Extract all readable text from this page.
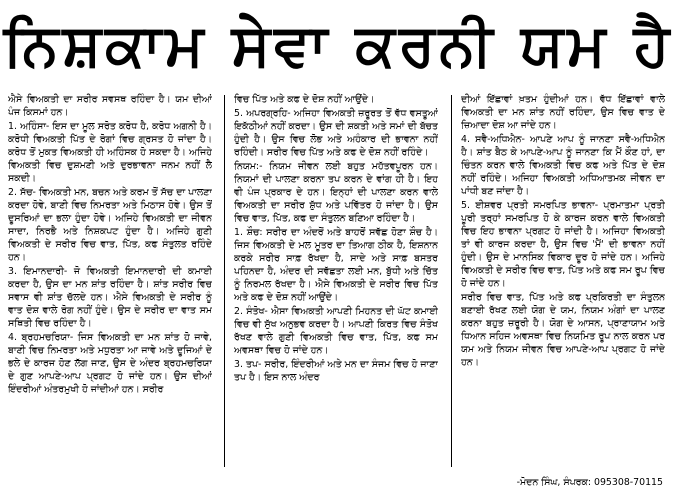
ਨਿਸ਼ਕਾਮ ਸੇਵਾ ਕਰਨੀ ਯਮ ਹੈ

ਐਸੇ ਵਿਅਕਤੀ ਦਾ ਸਰੀਰ ਸਵਸਥ ਰਹਿੰਦਾ ਹੈ। ਯਮ ਦੀਆਂ ਪੰਜ ਕਿਸਮਾਂ ਹਨ।

1. ਅਹਿੰਸਾ- ਇਸ ਦਾ ਮੂਲ ਸਰੋਤ ਕਰੋਧ ਹੈ, ਕਰੋਧ ਅਗਨੀ ਹੈ। ਕਰੋਧੀ ਵਿਅਕਤੀ ਪਿੱਤ ਦੇ ਰੋਗਾਂ ਵਿਚ ਗ੍ਰਸਤ ਹੋ ਜਾਂਦਾ ਹੈ। ਕਰੋਧ ਤੋਂ ਮੁਕਤ ਵਿਅਕਤੀ ਹੀ ਅਹਿੰਸਕ ਹੋ ਸਕਦਾ ਹੈ। ਅਜਿਹੇ ਵਿਅਕਤੀ ਵਿਚ ਦੁਸ਼ਮਣੀ ਅਤੇ ਦੁਰਭਾਵਨਾ ਜਨਮ ਨਹੀਂ ਲੈ ਸਕਦੀ।

2. ਸੱਚ- ਵਿਅਕਤੀ ਮਨ, ਬਚਨ ਅਤੇ ਕਰਮ ਤੋਂ ਸੱਚ ਦਾ ਪਾਲਣਾ ਕਰਦਾ ਹੋਵੇ, ਬਾਣੀ ਵਿਚ ਨਿਮਰਤਾ ਅਤੇ ਮਿਠਾਸ ਹੋਵੇ। ਉਸ ਤੋਂ ਦੂਸਰਿਆਂ ਦਾ ਭਲਾ ਹੁੰਦਾ ਹੋਵੇ। ਅਜਿਹੇ ਵਿਅਕਤੀ ਦਾ ਜੀਵਨ ਸਾਦਾ, ਨਿਰਭੈ ਅਤੇ ਨਿਸ਼ਕਪਟ ਹੁੰਦਾ ਹੈ। ਅਜਿਹੇ ਗੁਣੀ ਵਿਅਕਤੀ ਦੇ ਸਰੀਰ ਵਿਚ ਵਾਤ, ਪਿੱਤ, ਕਫ ਸੰਤੁਲਤ ਰਹਿੰਦੇ ਹਨ।

3. ਇਮਾਨਦਾਰੀ- ਜੋ ਵਿਅਕਤੀ ਇਮਾਨਦਾਰੀ ਦੀ ਕਮਾਈ ਕਰਦਾ ਹੈ, ਉਸ ਦਾ ਮਨ ਸ਼ਾਂਤ ਰਹਿੰਦਾ ਹੈ। ਸ਼ਾਂਤ ਸਰੀਰ ਵਿਚ ਸਵਾਸ ਵੀ ਸ਼ਾਂਤ ਚੱਲਦੇ ਹਨ। ਐਸੇ ਵਿਅਕਤੀ ਦੇ ਸਰੀਰ ਨੂੰ ਵਾਤ ਦੋਸ਼ ਵਾਲੇ ਰੋਗ ਨਹੀਂ ਹੁੰਦੇ। ਉਸ ਦੇ ਸਰੀਰ ਦਾ ਵਾਤ ਸਮ ਸਥਿਤੀ ਵਿਚ ਰਹਿੰਦਾ ਹੈ।

4. ਬ੍ਰਹਮਚਰਿਯਾ- ਜਿਸ ਵਿਅਕਤੀ ਦਾ ਮਨ ਸ਼ਾਂਤ ਹੋ ਜਾਵੇ, ਬਾਣੀ ਵਿਚ ਨਿਮਰਤਾ ਅਤੇ ਮਧੁਰਤਾ ਆ ਜਾਵੇ ਅਤੇ ਦੂਜਿਆਂ ਦੇ ਭਲੇ ਦੇ ਕਾਰਜ ਹੋਣ ਲੱਗ ਜਾਣ, ਉਸ ਦੇ ਅੰਦਰ ਬ੍ਰਹਮਚਰਿਯਾ ਦੇ ਗੁਣ ਆਪਣੇ-ਆਪ ਪ੍ਰਗਟ ਹੋ ਜਾਂਦੇ ਹਨ। ਉਸ ਦੀਆਂ ਇੰਦਰੀਆਂ ਅੰਤਰਮੁਖੀ ਹੋ ਜਾਂਦੀਆਂ ਹਨ। ਸਰੀਰ

ਵਿਚ ਪਿੱਤ ਅਤੇ ਕਫ ਦੇ ਦੋਸ਼ ਨਹੀਂ ਆਉਂਦੇ।

5. ਅਪਰਗ੍ਰਹਿ- ਅਜਿਹਾ ਵਿਅਕਤੀ ਜ਼ਰੂਰਤ ਤੋਂ ਵੱਧ ਵਸਤੂਆਂ ਇਕੱਠੀਆਂ ਨਹੀਂ ਕਰਦਾ। ਉਸ ਦੀ ਸ਼ਕਤੀ ਅਤੇ ਸਮਾਂ ਦੀ ਬੱਚਤ ਹੁੰਦੀ ਹੈ। ਉਸ ਵਿਚ ਲੋਭ ਅਤੇ ਅਹੰਕਾਰ ਦੀ ਭਾਵਨਾ ਨਹੀਂ ਰਹਿੰਦੀ। ਸਰੀਰ ਵਿਚ ਪਿੱਤ ਅਤੇ ਕਫ ਦੇ ਦੋਸ਼ ਨਹੀਂ ਰਹਿੰਦੇ।

ਨਿਯਮ:- ਨਿਯਮ ਜੀਵਨ ਲਈ ਬਹੁਤ ਮਹੱਤਵਪੂਰਨ ਹਨ। ਨਿਯਮਾਂ ਦੀ ਪਾਲਣਾ ਕਰਨਾ ਤਪ ਕਰਨ ਦੇ ਵਾਂਗ ਹੀ ਹੈ। ਇਹ ਵੀ ਪੰਜ ਪ੍ਰਕਾਰ ਦੇ ਹਨ। ਇਨ੍ਹਾਂ ਦੀ ਪਾਲਣਾ ਕਰਨ ਵਾਲੇ ਵਿਅਕਤੀ ਦਾ ਸਰੀਰ ਸ਼ੁੱਧ ਅਤੇ ਪਵਿੱਤਰ ਹੋ ਜਾਂਦਾ ਹੈ। ਉਸ ਵਿਚ ਵਾਤ, ਪਿੱਤ, ਕਫ ਦਾ ਸੰਤੁਲਨ ਬਣਿਆ ਰਹਿੰਦਾ ਹੈ।

1. ਸ਼ੌਚ: ਸਰੀਰ ਦਾ ਅੰਦਰੋਂ ਅਤੇ ਬਾਹਰੋਂ ਸਵੱਛ ਹੋਣਾ ਸ਼ੌਚ ਹੈ। ਜਿਸ ਵਿਅਕਤੀ ਦੇ ਮਲ ਮੂਤਰ ਦਾ ਤਿਆਗ ਠੀਕ ਹੈ, ਇਸ਼ਨਾਨ ਕਰਕੇ ਸਰੀਰ ਸਾਫ਼ ਰੱਖਦਾ ਹੈ, ਸਾਦੇ ਅਤੇ ਸਾਫ਼ ਬਸਤਰ ਪਹਿਨਦਾ ਹੈ, ਅੰਦਰ ਦੀ ਸਵੱਛਤਾ ਲਈ ਮਨ, ਬੁੱਧੀ ਅਤੇ ਚਿੱਤ ਨੂੰ ਨਿਰਮਲ ਰੱਖਦਾ ਹੈ। ਐਸੇ ਵਿਅਕਤੀ ਦੇ ਸਰੀਰ ਵਿਚ ਪਿੱਤ ਅਤੇ ਕਫ ਦੇ ਦੋਸ਼ ਨਹੀਂ ਆਉਂਦੇ।

2. ਸੰਤੋਖ- ਐਸਾ ਵਿਅਕਤੀ ਆਪਣੀ ਮਿਹਨਤ ਦੀ ਘੱਟ ਕਮਾਈ ਵਿਚ ਵੀ ਸੁੱਖ ਅਨੁਭਵ ਕਰਦਾ ਹੈ। ਆਪਣੀ ਕਿਰਤ ਵਿਚ ਸੰਤੋਖ ਰੱਖਣ ਵਾਲੇ ਗੁਣੀ ਵਿਅਕਤੀ ਵਿਚ ਵਾਤ, ਪਿੱਤ, ਕਫ ਸਮ ਅਵਸਥਾ ਵਿਚ ਹੋ ਜਾਂਦੇ ਹਨ।

3. ਤਪ- ਸਰੀਰ, ਇੰਦਰੀਆਂ ਅਤੇ ਮਨ ਦਾ ਸੰਜਮ ਵਿਚ ਹੋ ਜਾਣਾ ਤਪ ਹੈ। ਇਸ ਨਾਲ ਅੰਦਰ

ਦੀਆਂ ਇੱਛਾਵਾਂ ਖ਼ਤਮ ਹੁੰਦੀਆਂ ਹਨ। ਵੱਧ ਇੱਛਾਵਾਂ ਵਾਲੇ ਵਿਅਕਤੀ ਦਾ ਮਨ ਸ਼ਾਂਤ ਨਹੀਂ ਰਹਿੰਦਾ, ਉਸ ਵਿਚ ਵਾਤ ਦੇ ਜ਼ਿਆਦਾ ਦੋਸ਼ ਆ ਜਾਂਦੇ ਹਨ।

4. ਸਵੈ-ਅਧਿਐਨ- ਆਪਣੇ ਆਪ ਨੂੰ ਜਾਨਣਾ ਸਵੈ-ਅਧਿਐਨ ਹੈ। ਸ਼ਾਂਤ ਬੈਠ ਕੇ ਆਪਣੇ-ਆਪ ਨੂੰ ਜਾਨਣਾ ਕਿ ਮੈਂ ਕੌਣ ਹਾਂ, ਦਾ ਚਿੰਤਨ ਕਰਨ ਵਾਲੇ ਵਿਅਕਤੀ ਵਿਚ ਕਫ ਅਤੇ ਪਿੱਤ ਦੇ ਦੋਸ਼ ਨਹੀਂ ਰਹਿੰਦੇ। ਅਜਿਹਾ ਵਿਅਕਤੀ ਅਧਿਆਤਮਕ ਜੀਵਨ ਦਾ ਪਾਂਧੀ ਬਣ ਜਾਂਦਾ ਹੈ।

5. ਈਸ਼ਵਰ ਪ੍ਰਤੀ ਸਮਰਪਿਤ ਭਾਵਨਾ- ਪ੍ਰਮਾਤਮਾ ਪ੍ਰਤੀ ਪੂਰੀ ਤਰ੍ਹਾਂ ਸਮਰਪਿਤ ਹੋ ਕੇ ਕਾਰਜ ਕਰਨ ਵਾਲੇ ਵਿਅਕਤੀ ਵਿਚ ਇਹ ਭਾਵਨਾ ਪ੍ਰਗਟ ਹੋ ਜਾਂਦੀ ਹੈ। ਅਜਿਹਾ ਵਿਅਕਤੀ ਤਾਂ ਵੀ ਕਾਰਜ ਕਰਦਾ ਹੈ, ਉਸ ਵਿਚ 'ਮੈਂ' ਦੀ ਭਾਵਨਾ ਨਹੀਂ ਹੁੰਦੀ। ਉਸ ਦੇ ਮਾਨਸਿਕ ਵਿਕਾਰ ਦੂਰ ਹੋ ਜਾਂਦੇ ਹਨ। ਅਜਿਹੇ ਵਿਅਕਤੀ ਦੇ ਸਰੀਰ ਵਿਚ ਵਾਤ, ਪਿੱਤ ਅਤੇ ਕਫ ਸਮ ਰੂਪ ਵਿਚ ਹੋ ਜਾਂਦੇ ਹਨ।

ਸਰੀਰ ਵਿਚ ਵਾਤ, ਪਿੱਤ ਅਤੇ ਕਫ ਪ੍ਰਕਿਰਤੀ ਦਾ ਸੰਤੁਲਨ ਬਣਾਈ ਰੱਖਣ ਲਈ ਯੋਗ ਦੇ ਯਮ, ਨਿਯਮ ਅੰਗਾਂ ਦਾ ਪਾਲਣ ਕਰਨਾ ਬਹੁਤ ਜ਼ਰੂਰੀ ਹੈ। ਯੋਗ ਦੇ ਆਸਨ, ਪ੍ਰਾਣਾਯਾਮ ਅਤੇ ਧਿਆਨ ਸਹਿਜ ਅਵਸਥਾ ਵਿਚ ਨਿਯਮਿਤ ਰੂਪ ਨਾਲ ਕਰਨ ਪਰ ਯਮ ਅਤੇ ਨਿਯਮ ਜੀਵਨ ਵਿਚ ਆਪਣੇ-ਆਪ ਪ੍ਰਗਟ ਹੋ ਜਾਂਦੇ ਹਨ।

-ਮੋਦਨ ਸਿੰਘ, ਸੰਪਰਕ: 095308-70115
